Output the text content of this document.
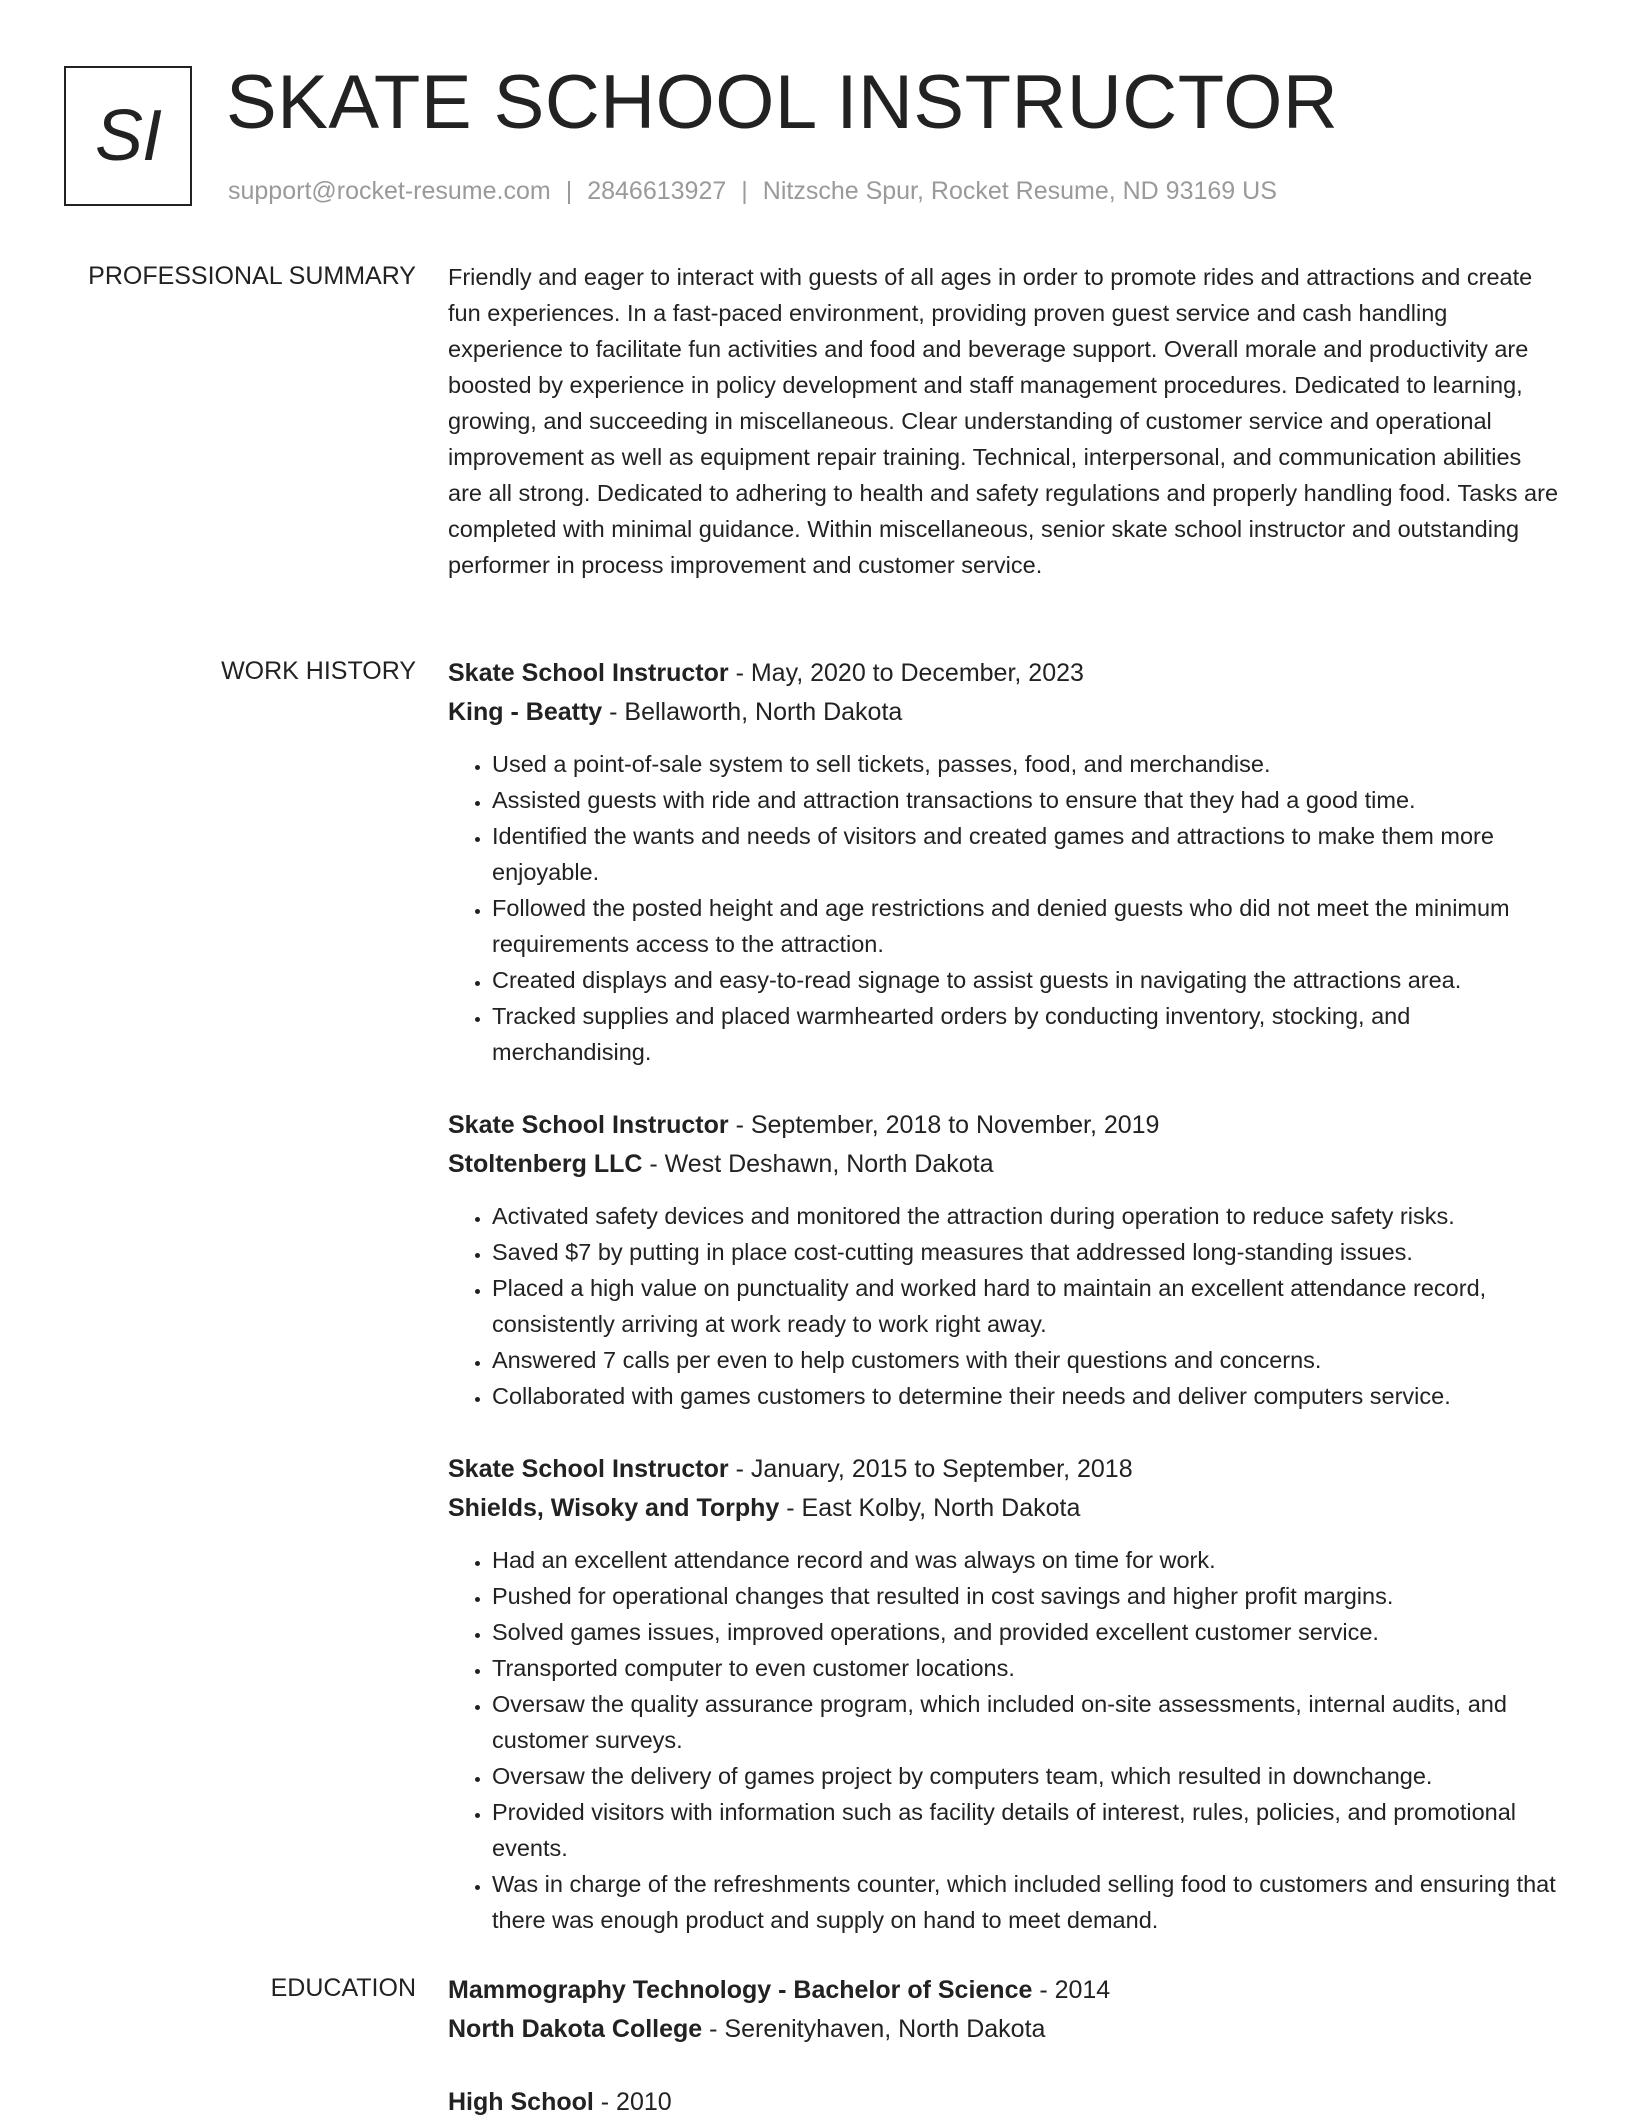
SI SKATE SCHOOL INSTRUCTOR
support@rocket-resume.com | 2846613927 | Nitzsche Spur, Rocket Resume, ND 93169 US
PROFESSIONAL SUMMARY Friendly and eager to interact with guests of all ages in order to promote rides and attractions and create fun experiences. In a fast-paced environment, providing proven guest service and cash handling experience to facilitate fun activities and food and beverage support. Overall morale and productivity are boosted by experience in policy development and staff management procedures. Dedicated to learning, growing, and succeeding in miscellaneous. Clear understanding of customer service and operational improvement as well as equipment repair training. Technical, interpersonal, and communication abilities are all strong. Dedicated to adhering to health and safety regulations and properly handling food. Tasks are completed with minimal guidance. Within miscellaneous, senior skate school instructor and outstanding performer in process improvement and customer service.

WORK HISTORY Skate School Instructor - May, 2020 to December, 2023

King - Beatty - Bellaworth, North Dakota

• Used a point-of-sale system to sell tickets, passes, food, and merchandise.
• Assisted guests with ride and attraction transactions to ensure that they had a good time.
• Identified the wants and needs of visitors and created games and attractions to make them more enjoyable.
• Followed the posted height and age restrictions and denied guests who did not meet the minimum requirements access to the attraction.
• Created displays and easy-to-read signage to assist guests in navigating the attractions area.
• Tracked supplies and placed warmhearted orders by conducting inventory, stocking, and merchandising.

Skate School Instructor - September, 2018 to November, 2019

Stoltenberg LLC - West Deshawn, North Dakota

• Activated safety devices and monitored the attraction during operation to reduce safety risks.
• Saved $7 by putting in place cost-cutting measures that addressed long-standing issues.
• Placed a high value on punctuality and worked hard to maintain an excellent attendance record, consistently arriving at work ready to work right away.
• Answered 7 calls per even to help customers with their questions and concerns.
• Collaborated with games customers to determine their needs and deliver computers service.

Skate School Instructor - January, 2015 to September, 2018

Shields, Wisoky and Torphy - East Kolby, North Dakota

• Had an excellent attendance record and was always on time for work.
• Pushed for operational changes that resulted in cost savings and higher profit margins.
• Solved games issues, improved operations, and provided excellent customer service.
• Transported computer to even customer locations.
• Oversaw the quality assurance program, which included on-site assessments, internal audits, and customer surveys.
• Oversaw the delivery of games project by computers team, which resulted in downchange.
• Provided visitors with information such as facility details of interest, rules, policies, and promotional events.
• Was in charge of the refreshments counter, which included selling food to customers and ensuring that there was enough product and supply on hand to meet demand.
EDUCATION Mammography Technology - Bachelor of Science - 2014

North Dakota College - Serenityhaven, North Dakota

High School - 2010
